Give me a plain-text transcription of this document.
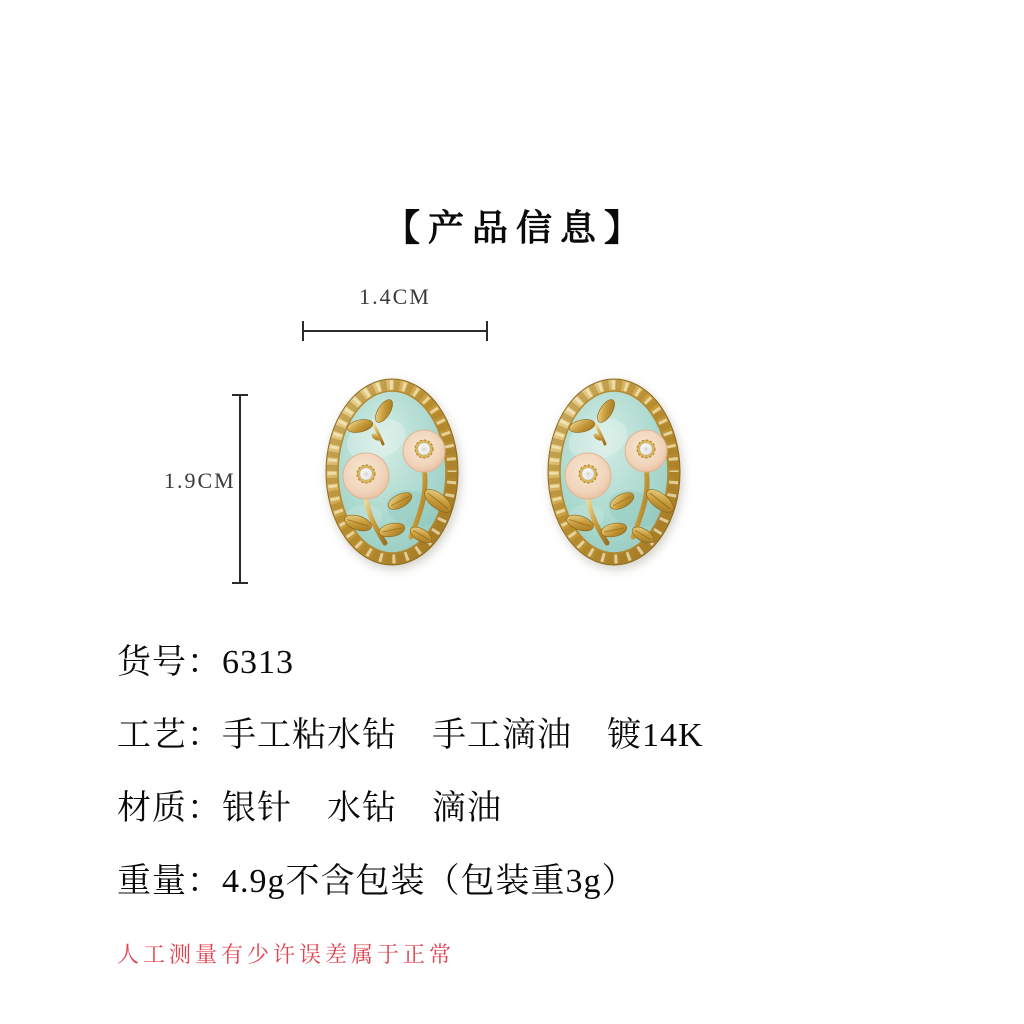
【产品信息】
1.4CM
1.9CM
货号：6313
工艺：手工粘水钻　手工滴油　镀14K
材质：银针　水钻　滴油
重量：4.9g不含包装（包装重3g）
人工测量有少许误差属于正常
